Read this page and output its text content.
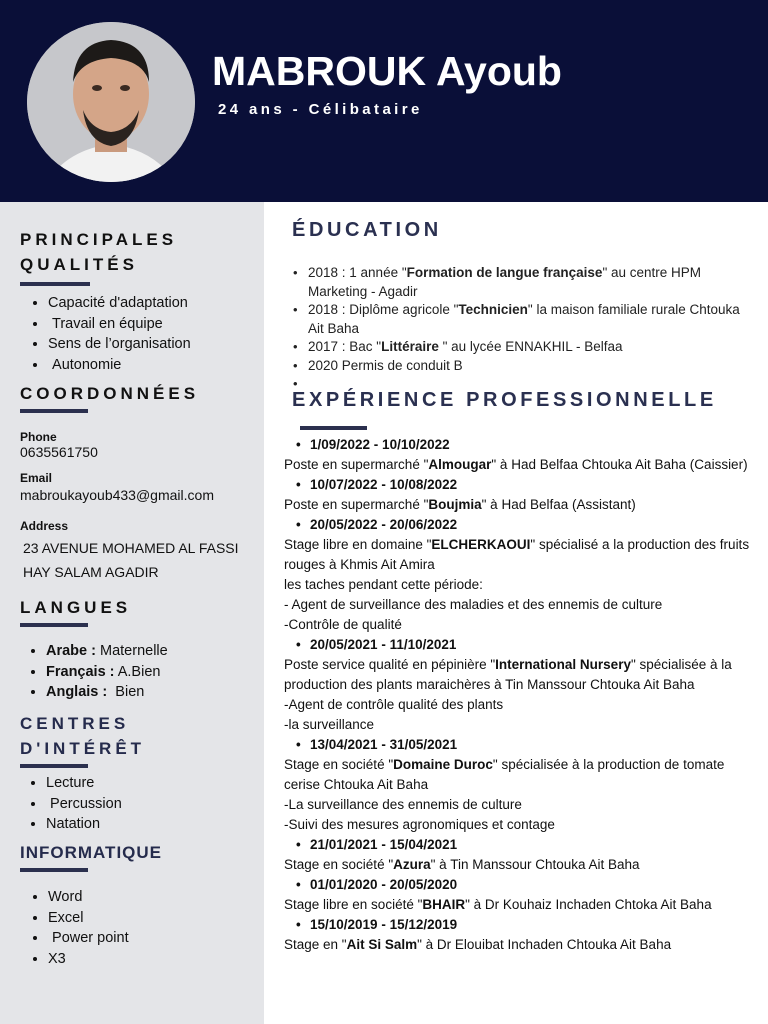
MABROUK Ayoub
24 ans - Célibataire
PRINCIPALES
QUALITÉS
• Capacité d'adaptation
• Travail en équipe
• Sens de l’organisation
• Autonomie
COORDONNÉES
Phone
0635561750
Email
mabroukayoub433@gmail.com
Address
23 AVENUE MOHAMED AL FASSI
HAY SALAM AGADIR
LANGUES
• Arabe : Maternelle
• Français : A.Bien
• Anglais : Bien
CENTRES
D'INTÉRÊT
• Lecture
• Percussion
• Natation
INFORMATIQUE
• Word
• Excel
• Power point
• X3
ÉDUCATION
• 2018 : 1 année "Formation de langue française" au centre HPM Marketing - Agadir
• 2018 : Diplôme agricole "Technicien" la maison familiale rurale Chtouka Ait Baha
• 2017 : Bac "Littéraire " au lycée ENNAKHIL - Belfaa
• 2020 Permis de conduit B
•
EXPÉRIENCE PROFESSIONNELLE
• 1/09/2022 - 10/10/2022
Poste en supermarché "Almougar" à Had Belfaa Chtouka Ait Baha (Caissier)
• 10/07/2022 - 10/08/2022
Poste en supermarché "Boujmia" à Had Belfaa (Assistant)
• 20/05/2022 - 20/06/2022
Stage libre en domaine "ELCHERKAOUI" spécialisé a la production des fruits rouges à Khmis Ait Amira
les taches pendant cette période:
- Agent de surveillance des maladies et des ennemis de culture
-Contrôle de qualité
• 20/05/2021 - 11/10/2021
Poste service qualité en pépinière "International Nursery" spécialisée à la production des plants maraichères à Tin Manssour Chtouka Ait Baha
-Agent de contrôle qualité des plants
-la surveillance
• 13/04/2021 - 31/05/2021
Stage en société "Domaine Duroc" spécialisée à la production de tomate cerise Chtouka Ait Baha
-La surveillance des ennemis de culture
-Suivi des mesures agronomiques et contage
• 21/01/2021 - 15/04/2021
Stage en société "Azura" à Tin Manssour Chtouka Ait Baha
• 01/01/2020 - 20/05/2020
Stage libre en société "BHAIR" à Dr Kouhaiz Inchaden Chtoka Ait Baha
• 15/10/2019 - 15/12/2019
Stage en "Ait Si Salm" à Dr Elouibat Inchaden Chtouka Ait Baha
